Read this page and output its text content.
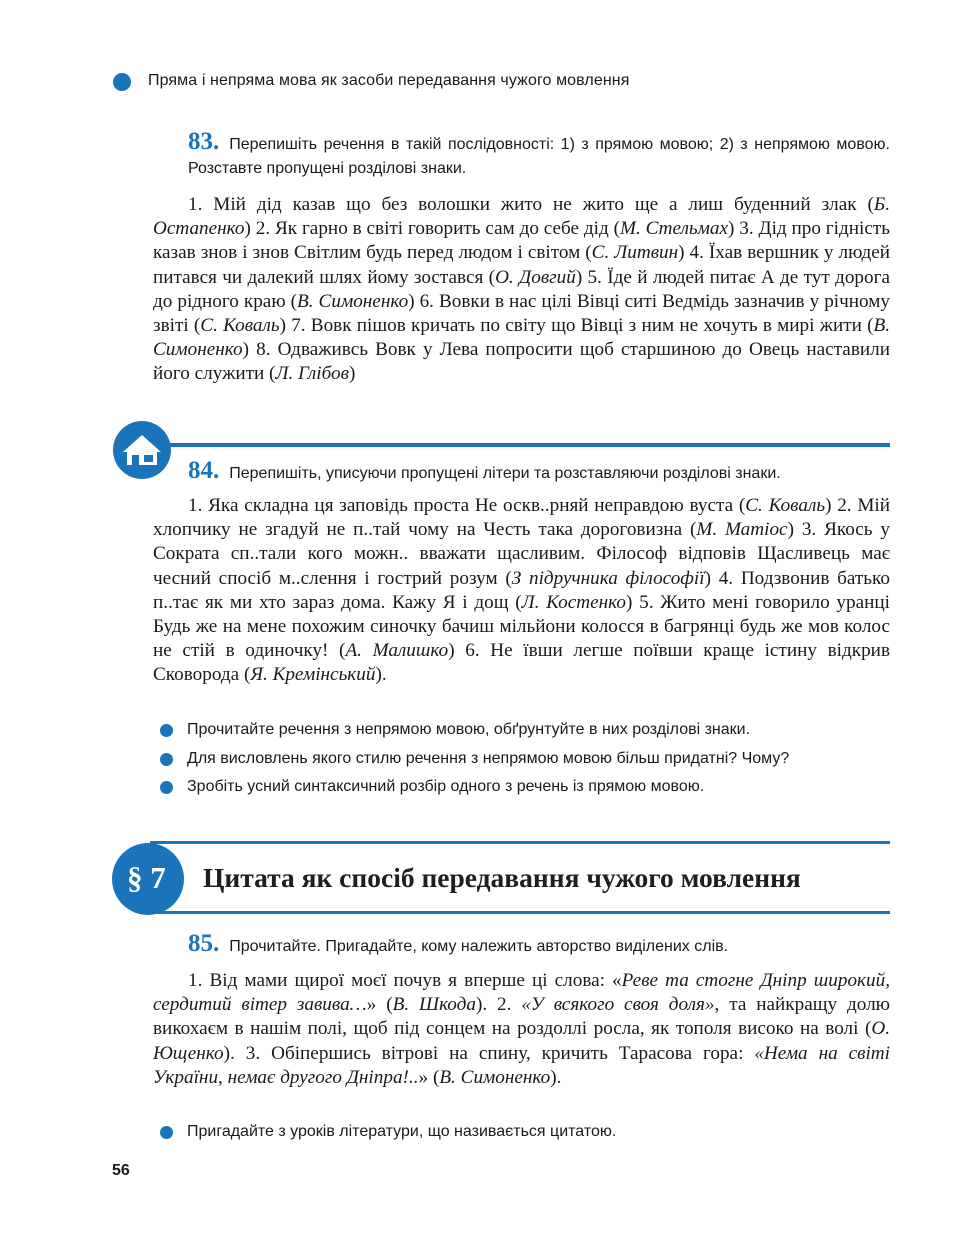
Пряма і непряма мова як засоби передавання чужого мовлення

83. Перепишіть речення в такій послідовності: 1) з прямою мовою; 2) з непрямою мовою. Розставте пропущені розділові знаки.

1. Мій дід казав що без волошки жито не жито ще а лиш буденний злак (Б. Остапенко) 2. Як гарно в світі говорить сам до себе дід (М. Стельмах) 3. Дід про гідність казав знов і знов Світлим будь перед людом і світом (С. Литвин) 4. Їхав вершник у людей питався чи далекий шлях йому зостався (О. Довгий) 5. Їде й людей питає А де тут дорога до рідного краю (В. Симоненко) 6. Вовки в нас цілі Вівці ситі Ведмідь зазначив у річному звіті (С. Коваль) 7. Вовк пішов кричать по світу що Вівці з ним не хочуть в мирі жити (В. Симоненко) 8. Одваживсь Вовк у Лева попросити щоб старшиною до Овець наставили його служити (Л. Глібов)

84. Перепишіть, уписуючи пропущені літери та розставляючи розділові знаки.

1. Яка складна ця заповідь проста Не оскв..рняй неправдою вуста (С. Коваль) 2. Мій хлопчику не згадуй не п..тай чому на Честь така дороговизна (М. Матіос) 3. Якось у Сократа сп..тали кого можн.. вважати щасливим. Філософ відповів Щасливець має чесний спосіб м..слення і гострий розум (З підручника філософії) 4. Подзвонив батько п..тає як ми хто зараз дома. Кажу Я і дощ (Л. Костенко) 5. Жито мені говорило уранці Будь же на мене похожим синочку бачиш мільйони колосся в багрянці будь же мов колос не стій в одиночку! (А. Малишко) 6. Не ївши легше поївши краще істину відкрив Сковорода (Я. Кремінський).

Прочитайте речення з непрямою мовою, обґрунтуйте в них розділові знаки.
Для висловлень якого стилю речення з непрямою мовою більш придатні? Чому?
Зробіть усний синтаксичний розбір одного з речень із прямою мовою.
§ 7 Цитата як спосіб передавання чужого мовлення

85. Прочитайте. Пригадайте, кому належить авторство виділених слів.

1. Від мами щирої моєї почув я вперше ці слова: «Реве та стогне Дніпр широкий, сердитий вітер завива…» (В. Шкода). 2. «У всякого своя доля», та найкращу долю викохаєм в нашім полі, щоб під сонцем на роздоллі росла, як тополя високо на волі (О. Ющенко). 3. Обіпершись вітрові на спину, кричить Тарасова гора: «Нема на світі України, немає другого Дніпра!..» (В. Симоненко).

Пригадайте з уроків літератури, що називається цитатою.
56
